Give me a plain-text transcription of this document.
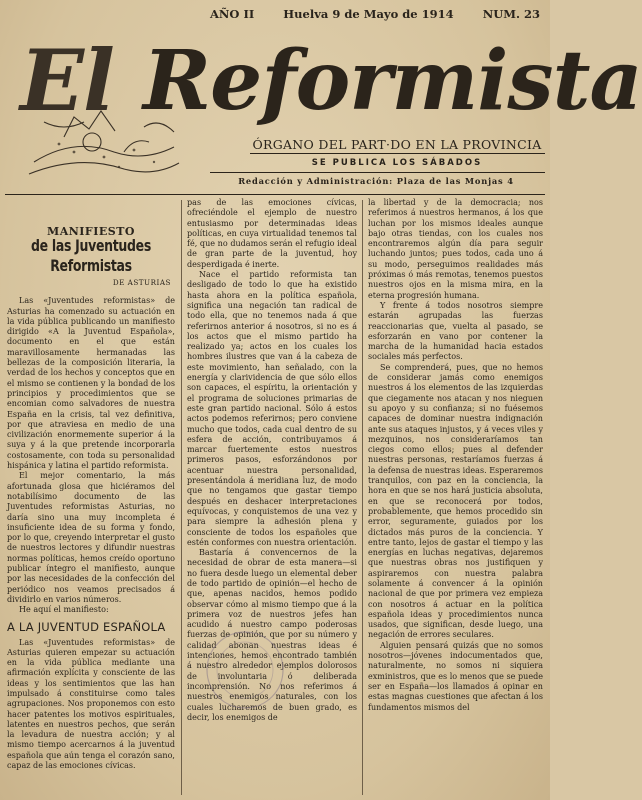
AÑO II	Huelva 9 de Mayo de 1914	NUM. 23
El Reformista
ÓRGANO DEL PART·DO EN LA PROVINCIA
SE PUBLICA LOS SÁBADOS
Redacción y Administración: Plaza de las Monjas 4
MANIFIESTO
de las Juventudes Reformistas
DE ASTURIAS

Las «Juventudes reformistas» de Asturias ha comenzado su actuación en la vida pública publicando un manifiesto dirigido «A la Juventud Española», documento en el que están maravillosamente hermanadas las bellezas de la composición literaria, la verdad de los hechos y conceptos que en el mismo se contienen y la bondad de los principios y procedimientos que se encomian como salvadores de nuestra España en la crisis, tal vez definitiva, por que atraviesa en medio de una civilización enormemente superior á la suya y á la que pretende incorporarla costosamente, con toda su personalidad hispánica y latina el partido reformista.

El mejor comentario, la más afortunada glosa que hiciéramos del notabilísimo documento de las Juventudes reformistas Asturias, no daría sino una muy incompleta é insuficiente idea de su forma y fondo, por lo que, creyendo interpretar el gusto de nuestros lectores y difundir nuestras normas políticas, hemos creído oportuno publicar íntegro el manifiesto, aunque por las necesidades de la confección del periódico nos veamos precisados á dividirlo en varios números.

He aquí el manifiesto:

A LA JUVENTUD ESPAÑOLA

Las «Juventudes reformistas» de Asturias quieren empezar su actuación en la vida pública mediante una afirmación explícita y consciente de las ideas y los sentimientos que las han impulsado á constituirse como tales agrupaciones. Nos proponemos con esto hacer patentes los motivos espirituales, latentes en nuestros pechos, que serán la levadura de nuestra acción; y al mismo tiempo acercarnos á la juventud española que aún tenga el corazón sano, capaz de las emociones cívicas.

pas de las emociones cívicas, ofreciéndole el ejemplo de nuestro entusiasmo por determinadas ideas políticas, en cuya virtualidad tenemos tal fé, que no dudamos serán el refugio ideal de gran parte de la juventud, hoy desperdigada é inerte.

Nace el partido reformista tan desligado de todo lo que ha existido hasta ahora en la política española, significa una negación tan radical de todo ella, que no tenemos nada á que referirnos anterior á nosotros, si no es á los actos que el mismo partido ha realizado ya; actos en los cuales los hombres ilustres que van á la cabeza de este movimiento, han señalado, con la energía y clarividencia de que sólo ellos son capaces, el espíritu, la orientación y el programa de soluciones primarias de este gran partido nacional. Sólo á estos actos podemos referirnos; pero conviene mucho que todos, cada cual dentro de su esfera de acción, contribuyamos á marcar fuertemente estos nuestros primeros pasos, esforzándonos por acentuar nuestra personalidad, presentándola á meridiana luz, de modo que no tengamos que gastar tiempo después en deshacer interpretaciones equívocas, y conquistemos de una vez y para siempre la adhesión plena y consciente de todos los españoles que estén conformes con nuestra orientación.

Bastaría á convencernos de la necesidad de obrar de esta manera—si no fuera desde luego un elemental deber de todo partido de opinión—el hecho de que, apenas nacidos, hemos podido observar cómo al mismo tiempo que á la primera voz de nuestros jefes han acudido á nuestro campo poderosas fuerzas de opinión, que por su número y calidad abonan nuestras ideas é intenciones, hemos encontrado también á nuestro alrededor ejemplos dolorosos de involuntaria ó deliberada incomprensión. No nos referimos á nuestros enemigos naturales, con los cuales lucharemos de buen grado, es decir, los enemigos de

la libertad y de la democracia; nos referimos á nuestros hermanos, á los que luchan por los mismos ideales aunque bajo otras tiendas, con los cuales nos encontraremos algún día para seguir luchando juntos; pues todos, cada uno á su modo, perseguimos realidades más próximas ó más remotas, tenemos puestos nuestros ojos en la misma mira, en la eterna progresión humana.

Y frente á todos nosotros siempre estarán agrupadas las fuerzas reaccionarias que, vuelta al pasado, se esforzarán en vano por contener la marcha de la humanidad hacia estados sociales más perfectos.

Se comprenderá, pues, que no hemos de considerar jamás como enemigos nuestros á los elementos de las izquierdas que ciegamente nos atacan y nos nieguen su apoyo y su confianza; si no fuésemos capaces de dominar nuestra indignación ante sus ataques injustos, y á veces viles y mezquinos, nos consideraríamos tan ciegos como ellos; pues al defender nuestras personas, restaríamos fuerzas á la defensa de nuestras ideas. Esperaremos tranquilos, con paz en la conciencia, la hora en que se nos hará justicia absoluta, en que se reconocerá por todos, probablemente, que hemos procedido sin error, seguramente, guiados por los dictados más puros de la conciencia. Y entre tanto, lejos de gastar el tiempo y las energías en luchas negativas, dejaremos que nuestras obras nos justifiquen y aspiraremos con nuestra palabra solamente á convencer á la opinión nacional de que por primera vez empieza con nosotros á actuar en la política española ideas y procedimientos nunca usados, que significan, desde luego, una negación de errores seculares.

Alguien pensará quizás que no somos nosotros—jóvenes indocumentados que, naturalmente, no somos ni siquiera exministros, que es lo menos que se puede ser en España—los llamados á opinar en estas magnas cuestiones que afectan á los fundamentos mismos del
